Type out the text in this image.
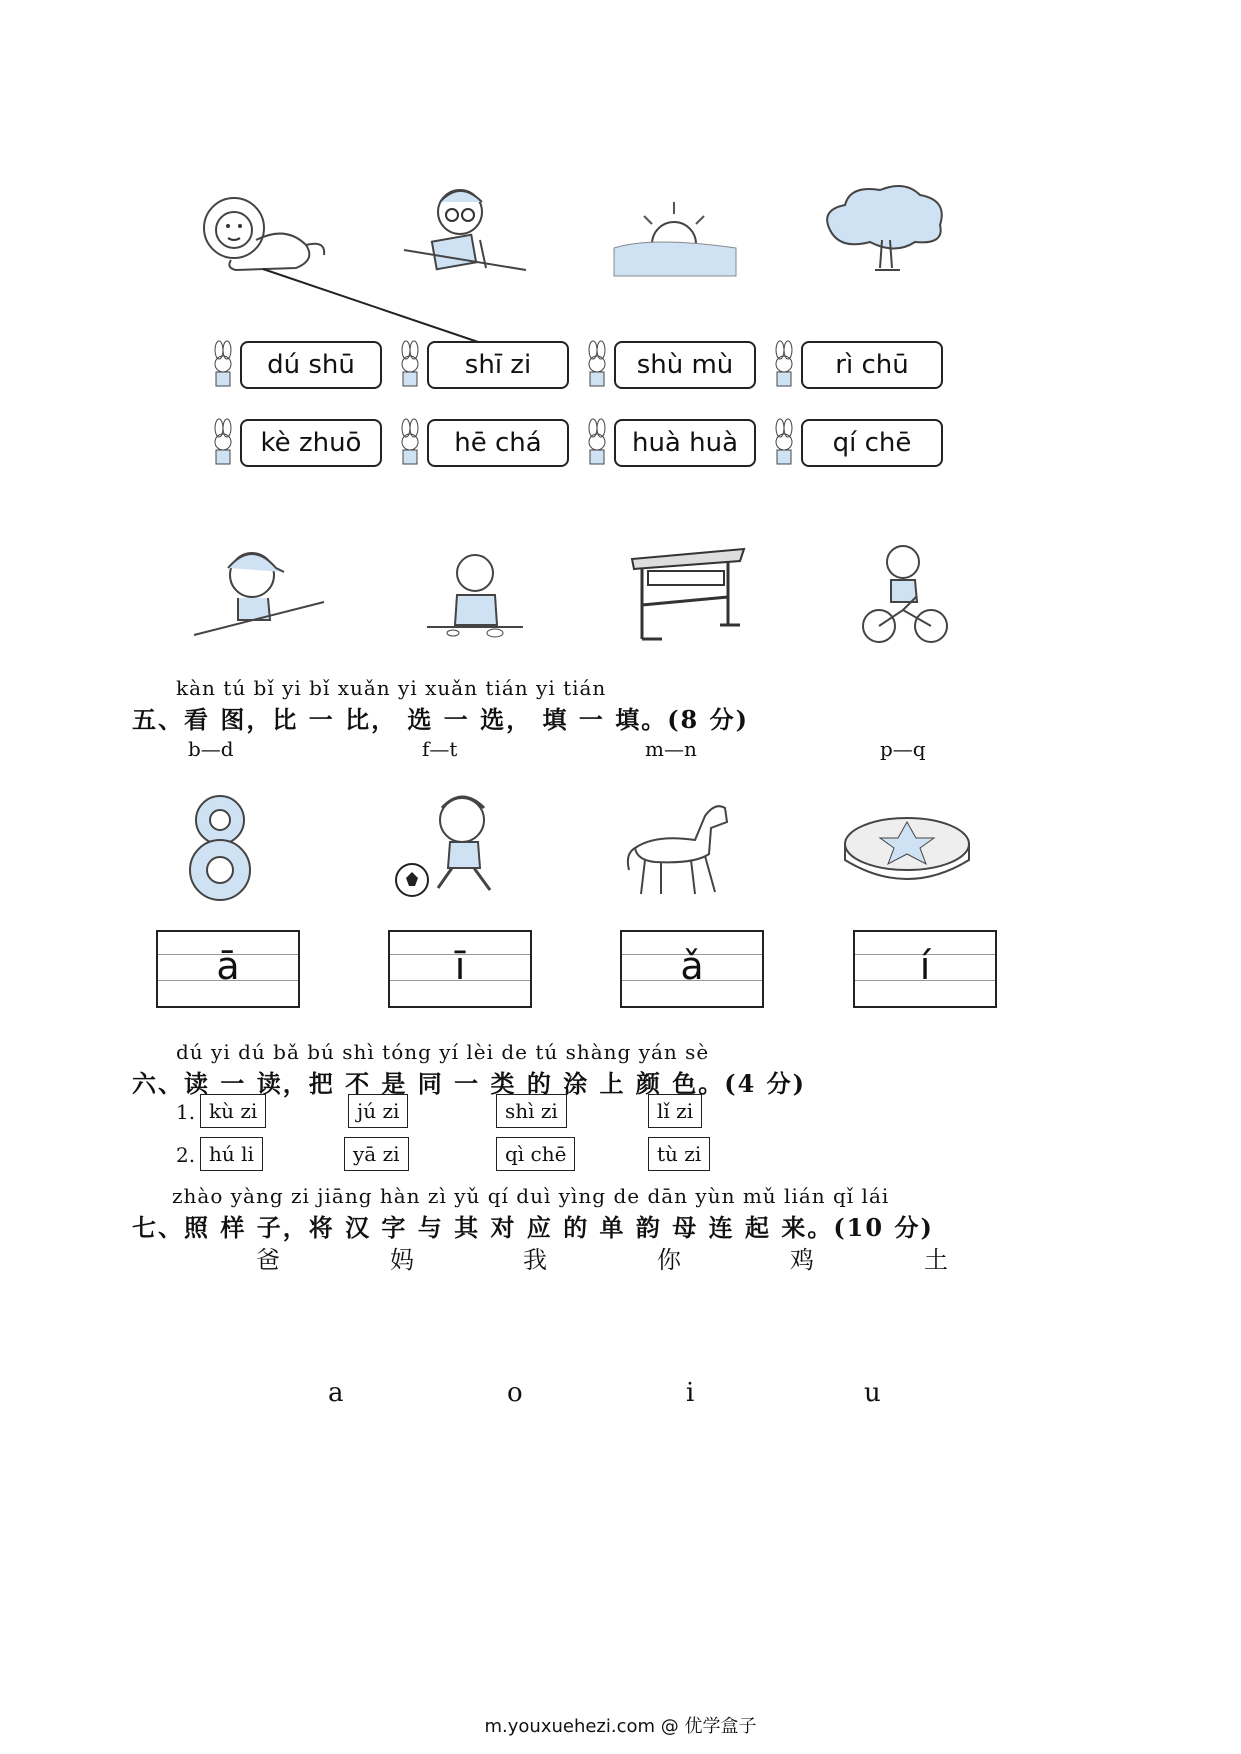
dú shū	shī zi	shù mù	rì chū
kè zhuō	hē chá	huà huà	qí chē
kàn tú bǐ yi bǐ xuǎn yi xuǎn tián yi tián
五、看 图，比 一 比， 选 一 选， 填 一 填。(8 分)
b—d	f—t	m—n	p—q
ā	ī	ǎ	í
dú yi dú bǎ bú shì tóng yí lèi de tú shàng yán sè
六、读 一 读，把 不 是 同 一 类 的 涂 上 颜 色。(4 分)
1. kù zi	jú zi	shì zi	lǐ zi
2. hú li	yā zi	qì chē	tù zi
zhào yàng zi jiāng hàn zì yǔ qí duì yìng de dān yùn mǔ lián qǐ lái
七、照 样 子，将 汉 字 与 其 对 应 的 单 韵 母 连 起 来。(10 分)
爸	妈	我	你	鸡	土
a	o	i	u
m.youxuehezi.com @ 优学盒子
